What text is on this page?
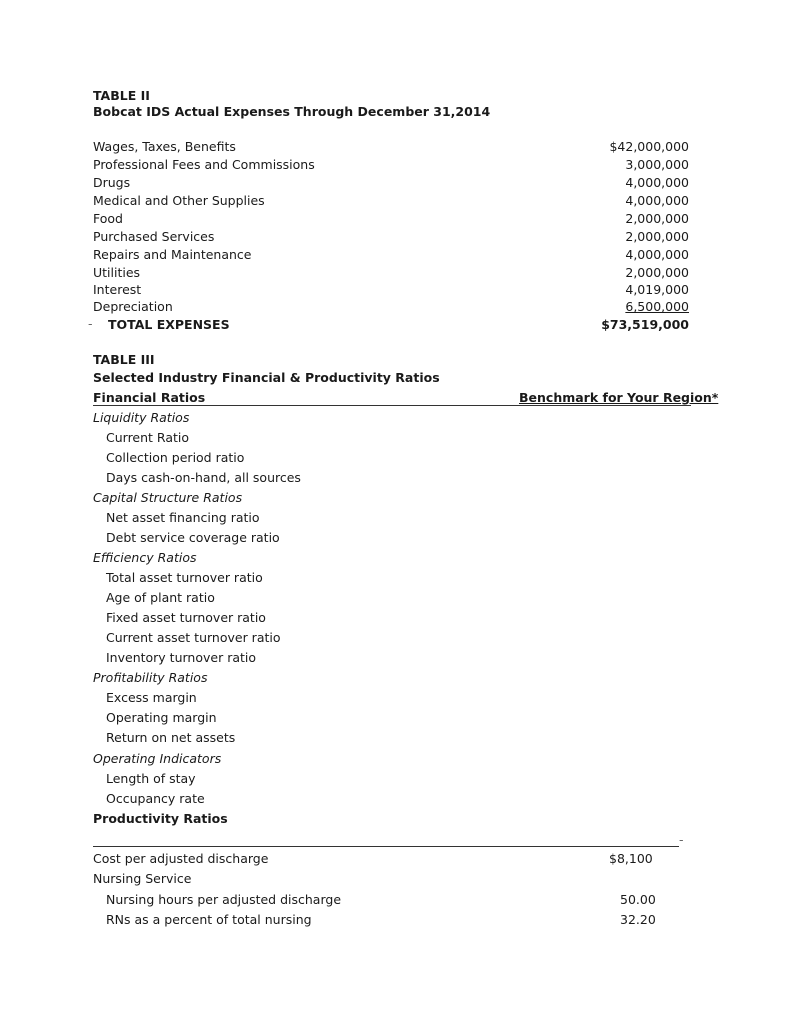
TABLE II
Bobcat IDS Actual Expenses Through December 31,2014
Wages, Taxes, Benefits	$42,000,000
Professional Fees and Commissions	3,000,000
Drugs	4,000,000
Medical and Other Supplies	4,000,000
Food	2,000,000
Purchased Services	2,000,000
Repairs and Maintenance	4,000,000
Utilities	2,000,000
Interest	4,019,000
Depreciation	6,500,000
- TOTAL EXPENSES	$73,519,000
TABLE III
Selected Industry Financial & Productivity Ratios
Financial Ratios	Benchmark for Your Region*
Liquidity Ratios
Current Ratio
Collection period ratio
Days cash-on-hand, all sources
Capital Structure Ratios
Net asset financing ratio
Debt service coverage ratio
Efficiency Ratios
Total asset turnover ratio
Age of plant ratio
Fixed asset turnover ratio
Current asset turnover ratio
Inventory turnover ratio
Profitability Ratios
Excess margin
Operating margin
Return on net assets
Operating Indicators
Length of stay
Occupancy rate
Productivity Ratios
-
Cost per adjusted discharge	$8,100
Nursing Service
Nursing hours per adjusted discharge	50.00
RNs as a percent of total nursing	32.20
